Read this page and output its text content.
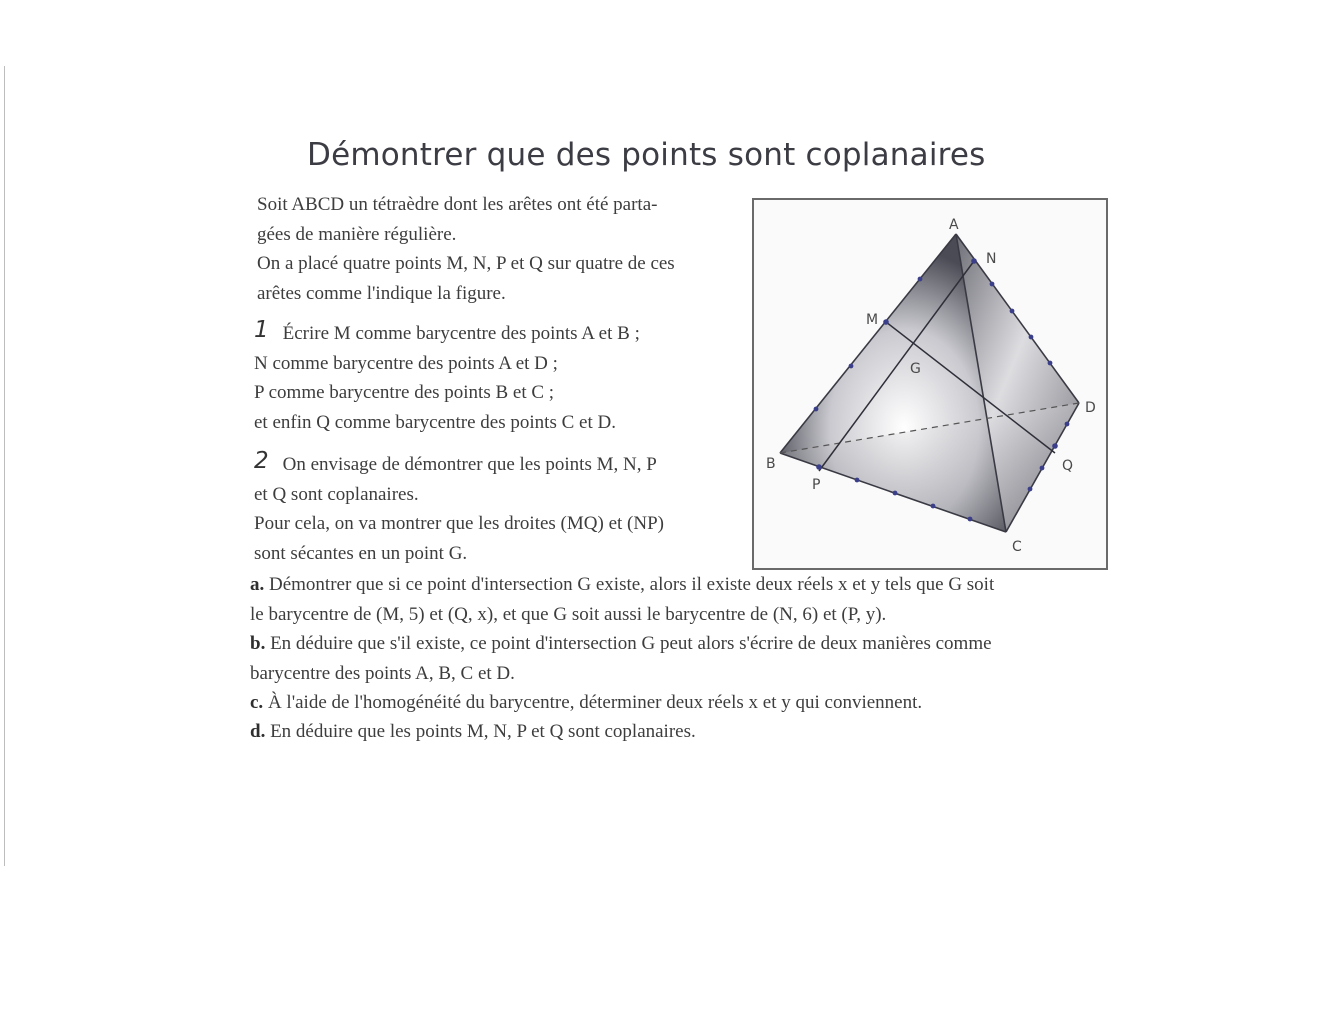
Démontrer que des points sont coplanaires
Soit ABCD un tétraèdre dont les arêtes ont été parta-
gées de manière régulière.
On a placé quatre points M, N, P et Q sur quatre de ces
arêtes comme l'indique la figure.
1 Écrire M comme barycentre des points A et B ;
N comme barycentre des points A et D ;
P comme barycentre des points B et C ;
et enfin Q comme barycentre des points C et D.
2 On envisage de démontrer que les points M, N, P
et Q sont coplanaires.
Pour cela, on va montrer que les droites (MQ) et (NP)
sont sécantes en un point G.
a. Démontrer que si ce point d'intersection G existe, alors il existe deux réels x et y tels que G soit
le barycentre de (M, 5) et (Q, x), et que G soit aussi le barycentre de (N, 6) et (P, y).
b. En déduire que s'il existe, ce point d'intersection G peut alors s'écrire de deux manières comme
barycentre des points A, B, C et D.
c. À l'aide de l'homogénéité du barycentre, déterminer deux réels x et y qui conviennent.
d. En déduire que les points M, N, P et Q sont coplanaires.
A
N
M
G
D
B	Q
P
C
